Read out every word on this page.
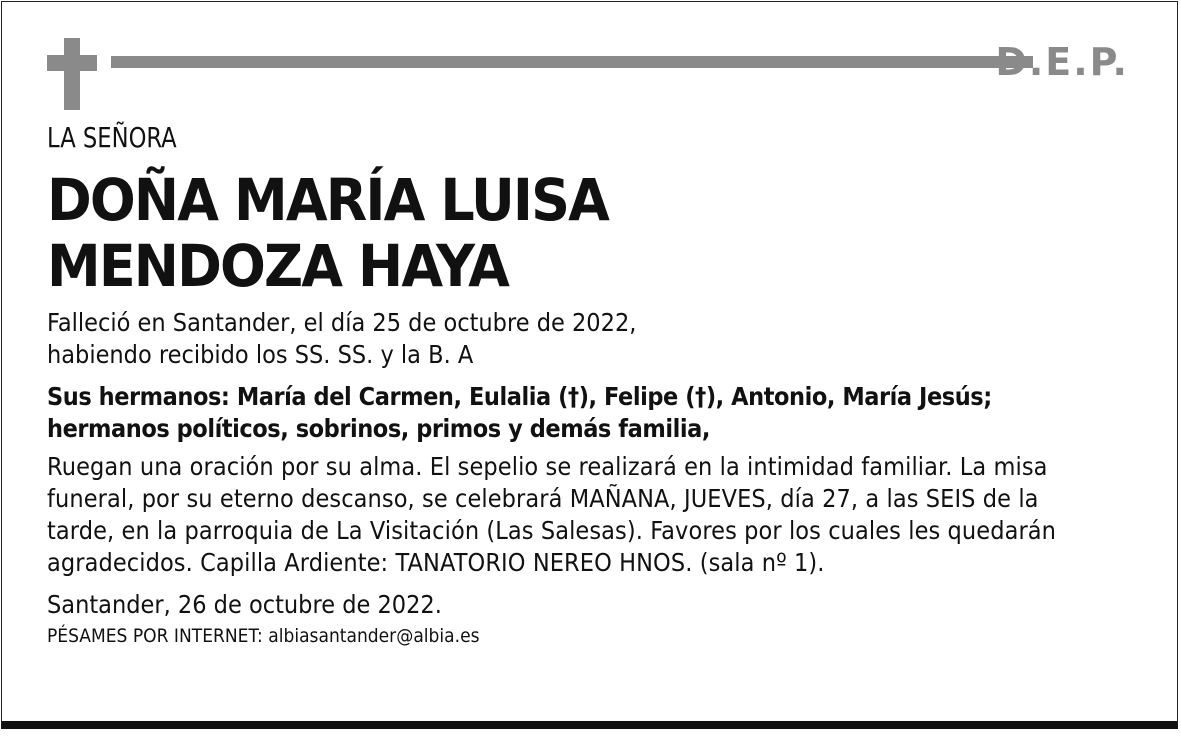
D.E.P.

LA SEÑORA

DOÑA MARÍA LUISA
MENDOZA HAYA

Falleció en Santander, el día 25 de octubre de 2022,

habiendo recibido los SS. SS. y la B. A

Sus hermanos: María del Carmen, Eulalia (†), Felipe (†), Antonio, María Jesús;

hermanos políticos, sobrinos, primos y demás familia,

Ruegan una oración por su alma. El sepelio se realizará en la intimidad familiar. La misa

funeral, por su eterno descanso, se celebrará MAÑANA, JUEVES, día 27, a las SEIS de la

tarde, en la parroquia de La Visitación (Las Salesas). Favores por los cuales les quedarán

agradecidos. Capilla Ardiente: TANATORIO NEREO HNOS. (sala nº 1).

Santander, 26 de octubre de 2022.

PÉSAMES POR INTERNET: albiasantander@albia.es
